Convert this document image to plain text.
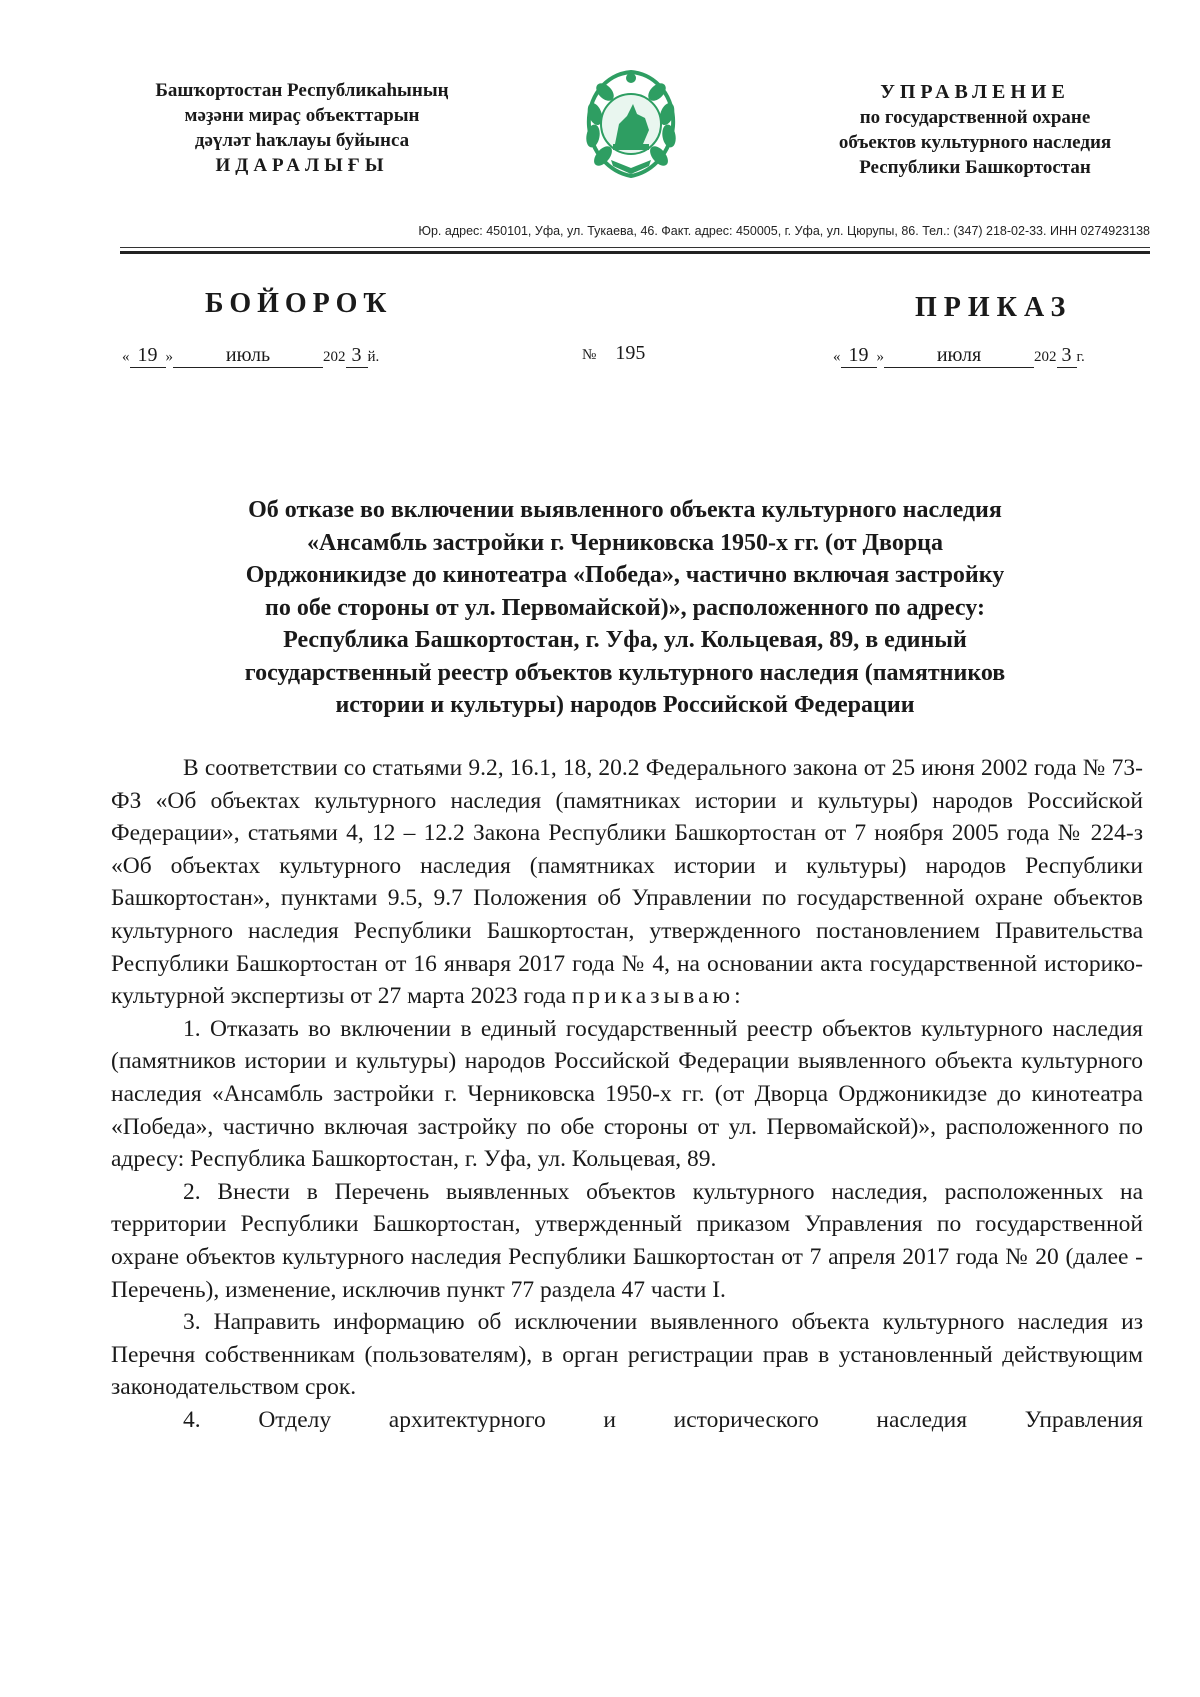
Башҡортостан Республикаһының
мәҙәни мираҫ объекттарын
дәүләт һаҡлауы буйынса
ИДАРАЛЫҒЫ
УПРАВЛЕНИЕ
по государственной охране
объектов культурного наследия
Республики Башкортостан
Юр. адрес: 450101, Уфа, ул. Тукаева, 46. Факт. адрес: 450005, г. Уфа, ул. Цюрупы, 86. Тел.: (347) 218-02-33. ИНН 0274923138
БОЙОРОҠ	ПРИКАЗ
« 19 »	июль	202 3 й.	№ 195	« 19 »	июля	202 3 г.
Об отказе во включении выявленного объекта культурного наследия
«Ансамбль застройки г. Черниковска 1950-х гг. (от Дворца
Орджоникидзе до кинотеатра «Победа», частично включая застройку
по обе стороны от ул. Первомайской)», расположенного по адресу:
Республика Башкортостан, г. Уфа, ул. Кольцевая, 89, в единый
государственный реестр объектов культурного наследия (памятников
истории и культуры) народов Российской Федерации

В соответствии со статьями 9.2, 16.1, 18, 20.2 Федерального закона от 25 июня 2002 года № 73-ФЗ «Об объектах культурного наследия (памятниках истории и культуры) народов Российской Федерации», статьями 4, 12 – 12.2 Закона Республики Башкортостан от 7 ноября 2005 года № 224-з «Об объектах культурного наследия (памятниках истории и культуры) народов Республики Башкортостан», пунктами 9.5, 9.7 Положения об Управлении по государственной охране объектов культурного наследия Республики Башкортостан, утвержденного постановлением Правительства Республики Башкортостан от 16 января 2017 года № 4, на основании акта государственной историко-культурной экспертизы от 27 марта 2023 года приказываю:

1. Отказать во включении в единый государственный реестр объектов культурного наследия (памятников истории и культуры) народов Российской Федерации выявленного объекта культурного наследия «Ансамбль застройки г. Черниковска 1950-х гг. (от Дворца Орджоникидзе до кинотеатра «Победа», частично включая застройку по обе стороны от ул. Первомайской)», расположенного по адресу: Республика Башкортостан, г. Уфа, ул. Кольцевая, 89.

2. Внести в Перечень выявленных объектов культурного наследия, расположенных на территории Республики Башкортостан, утвержденный приказом Управления по государственной охране объектов культурного наследия Республики Башкортостан от 7 апреля 2017 года № 20 (далее - Перечень), изменение, исключив пункт 77 раздела 47 части I.

3. Направить информацию об исключении выявленного объекта культурного наследия из Перечня собственникам (пользователям), в орган регистрации прав в установленный действующим законодательством срок.

4. Отделу архитектурного и исторического наследия Управления
